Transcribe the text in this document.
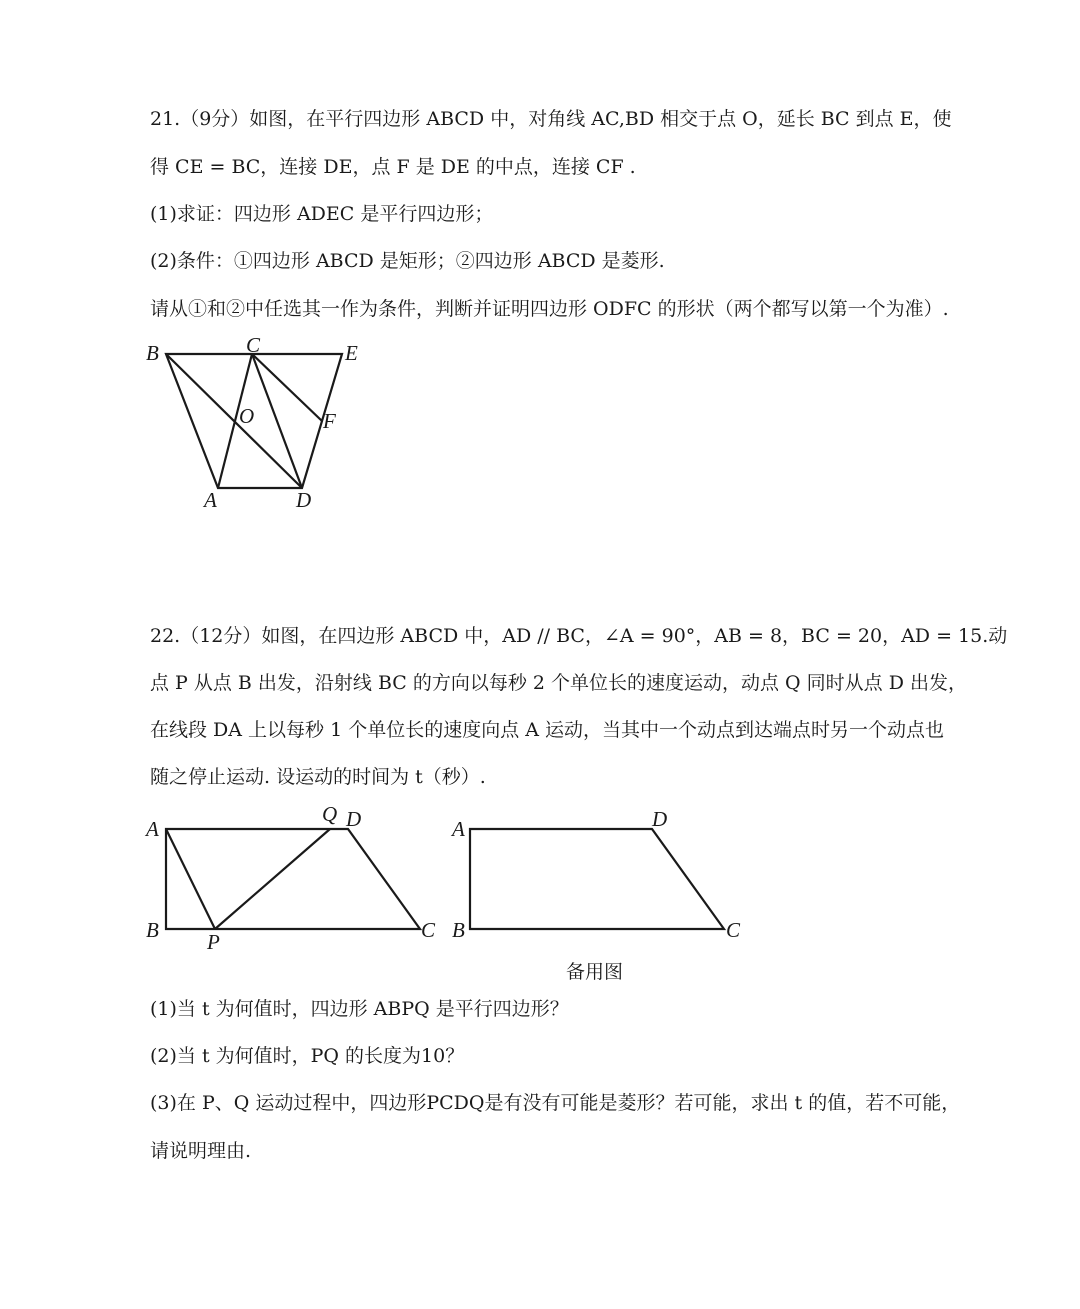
21.（9分）如图，在平行四边形 ABCD 中，对角线 AC,BD 相交于点 O，延长 BC 到点 E，使
得 CE = BC，连接 DE，点 F 是 DE 的中点，连接 CF .
(1)求证：四边形 ADEC 是平行四边形；
(2)条件：①四边形 ABCD 是矩形；②四边形 ABCD 是菱形.
请从①和②中任选其一作为条件，判断并证明四边形 ODFC 的形状（两个都写以第一个为准）.
B	C	E
O	F
A	D
22.（12分）如图，在四边形 ABCD 中，AD // BC，∠A = 90°，AB = 8，BC = 20，AD = 15.动
点 P 从点 B 出发，沿射线 BC 的方向以每秒 2 个单位长的速度运动，动点 Q 同时从点 D 出发，
在线段 DA 上以每秒 1 个单位长的速度向点 A 运动，当其中一个动点到达端点时另一个动点也
随之停止运动. 设运动的时间为 t（秒）.
A
Q D
B P	C
A	D
B	C
备用图
(1)当 t 为何值时，四边形 ABPQ 是平行四边形？
(2)当 t 为何值时，PQ 的长度为10？
(3)在 P、Q 运动过程中，四边形PCDQ是有没有可能是菱形？若可能，求出 t 的值，若不可能，
请说明理由.
